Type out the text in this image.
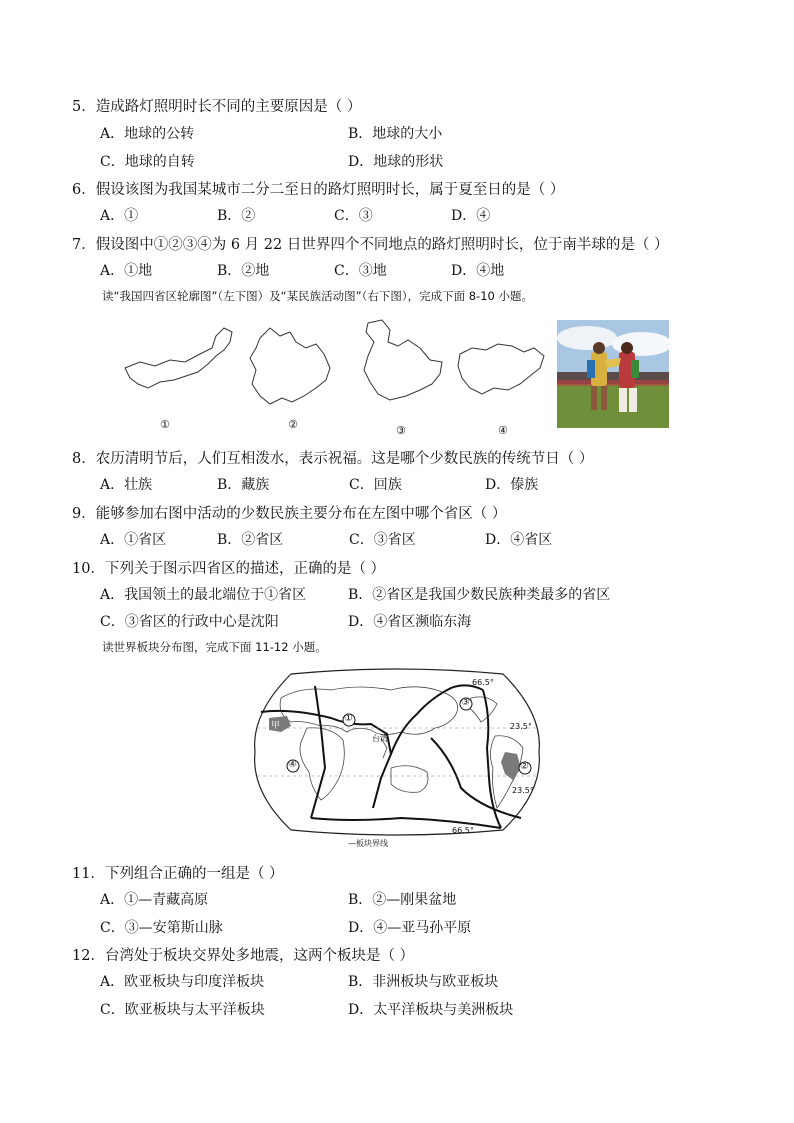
5．造成路灯照明时长不同的主要原因是（ ）
A．地球的公转	B．地球的大小
C．地球的自转	D．地球的形状
6．假设该图为我国某城市二分二至日的路灯照明时长，属于夏至日的是（ ）
A．①	B．②	C．③	D．④
7．假设图中①②③④为 6 月 22 日世界四个不同地点的路灯照明时长，位于南半球的是（ ）
A．①地	B．②地	C．③地	D．④地
读“我国四省区轮廓图”（左下图）及“某民族活动图”（右下图），完成下面 8-10 小题。
①	②	③	④
8．农历清明节后，人们互相泼水，表示祝福。这是哪个少数民族的传统节日（ ）
A．壮族	B．藏族	C．回族	D．傣族
9．能够参加右图中活动的少数民族主要分布在左图中哪个省区（ ）
A．①省区	B．②省区	C．③省区	D．④省区
10．下列关于图示四省区的描述，正确的是（ ）
A．我国领土的最北端位于①省区	B．②省区是我国少数民族种类最多的省区
C．③省区的行政中心是沈阳	D．④省区濒临东海
读世界板块分布图，完成下面 11-12 小题。
甲
台湾
66.5°
23.5°
23.5°
66.5°
①
③
④	②
—板块界线
11．下列组合正确的一组是（ ）
A．①—青藏高原	B．②—刚果盆地
C．③—安第斯山脉	D．④—亚马孙平原
12．台湾处于板块交界处多地震，这两个板块是（ ）
A．欧亚板块与印度洋板块	B．非洲板块与欧亚板块
C．欧亚板块与太平洋板块	D．太平洋板块与美洲板块
